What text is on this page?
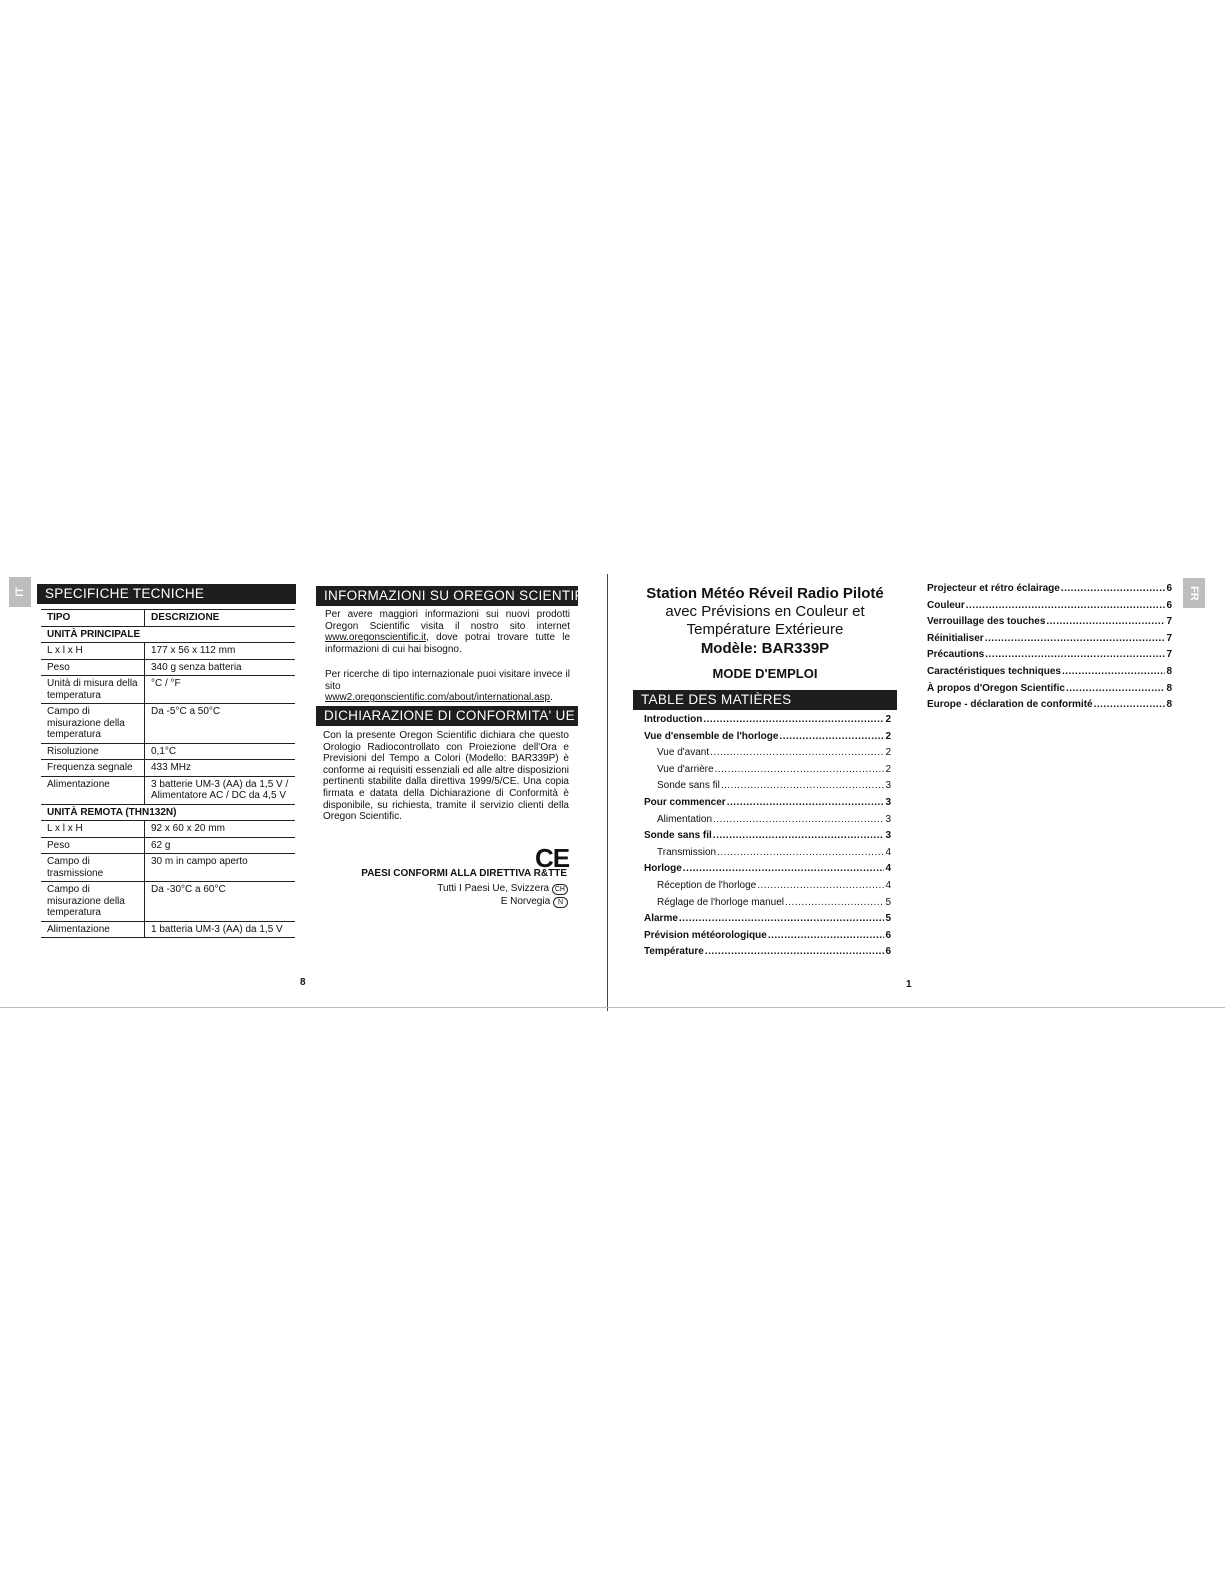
IT	SPECIFICHE TECNICHE
TIPO	DESCRIZIONE
UNITÀ PRINCIPALE	
L x l x H	177 x 56 x 112 mm
Peso	340 g senza batteria
Unità di misura della temperatura	°C / °F
Campo di misurazione della temperatura	Da -5°C a 50°C
Risoluzione	0,1°C
Frequenza segnale	433 MHz
Alimentazione	3 batterie UM-3 (AA) da 1,5 V / Alimentatore AC / DC da 4,5 V
UNITÀ REMOTA (THN132N)	
L x l x H	92 x 60 x 20 mm
Peso	62 g
Campo di trasmissione	30 m in campo aperto
Campo di misurazione della temperatura	Da -30°C a 60°C
Alimentazione	1 batteria UM-3 (AA) da 1,5 V
INFORMAZIONI SU OREGON SCIENTIFIC
Per avere maggiori informazioni sui nuovi prodotti Oregon Scientific visita il nostro sito internet www.oregonscientific.it, dove potrai trovare tutte le informazioni di cui hai bisogno.
Per ricerche di tipo internazionale puoi visitare invece il sito www2.oregonscientific.com/about/international.asp.
DICHIARAZIONE DI CONFORMITA' UE
Con la presente Oregon Scientific dichiara che questo Orologio Radiocontrollato con Proiezione dell'Ora e Previsioni del Tempo a Colori (Modello: BAR339P) è conforme ai requisiti essenziali ed alle altre disposizioni pertinenti stabilite dalla direttiva 1999/5/CE. Una copia firmata e datata della Dichiarazione di Conformità è disponibile, su richiesta, tramite il servizio clienti della Oregon Scientific.
CE
PAESI CONFORMI ALLA DIRETTIVA R&TTE
Tutti I Paesi Ue, Svizzera CH
E Norvegia N
8
Station Météo Réveil Radio Piloté
avec Prévisions en Couleur et
Température Extérieure
Modèle: BAR339P
MODE D'EMPLOI
TABLE DES MATIÈRES
Introduction .....	2
Vue d'ensemble de l'horloge .....	2
Vue d'avant .....	2
Vue d'arrière .....	2
Sonde sans fil .....	3
Pour commencer .....	3
Alimentation .....	3
Sonde sans fil .....	3
Transmission .....	4
Horloge .....	4
Réception de l'horloge .....	4
Réglage de l'horloge manuel .....	5
Alarme .....	5
Prévision météorologique .....	6
Température .....	6
Projecteur et rétro éclairage .....	6
Couleur .....	6
Verrouillage des touches .....	7
Réinitialiser .....	7
Précautions .....	7
Caractéristiques techniques .....	8
À propos d'Oregon Scientific .....	8
Europe - déclaration de conformité .....	8
FR
1
